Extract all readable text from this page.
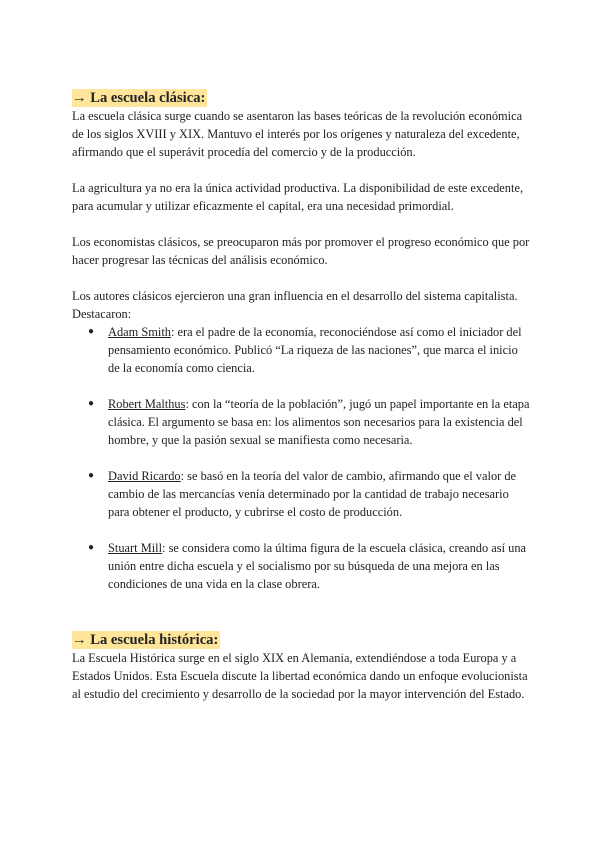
→ La escuela clásica:

La escuela clásica surge cuando se asentaron las bases teóricas de la revolución económica de los siglos XVIII y XIX. Mantuvo el interés por los orígenes y naturaleza del excedente, afirmando que el superávit procedía del comercio y de la producción.

La agricultura ya no era la única actividad productiva. La disponibilidad de este excedente, para acumular y utilizar eficazmente el capital, era una necesidad primordial.

Los economistas clásicos, se preocuparon más por promover el progreso económico que por hacer progresar las técnicas del análisis económico.

Los autores clásicos ejercieron una gran influencia en el desarrollo del sistema capitalista. Destacaron:

● Adam Smith: era el padre de la economía, reconociéndose así como el iniciador del pensamiento económico. Publicó “La riqueza de las naciones”, que marca el inicio de la economía como ciencia.
● Robert Malthus: con la “teoría de la población”, jugó un papel importante en la etapa clásica. El argumento se basa en: los alimentos son necesarios para la existencia del hombre, y que la pasión sexual se manifiesta como necesaria.
● David Ricardo: se basó en la teoría del valor de cambio, afirmando que el valor de cambio de las mercancías venía determinado por la cantidad de trabajo necesario para obtener el producto, y cubrirse el costo de producción.
● Stuart Mill: se considera como la última figura de la escuela clásica, creando así una unión entre dicha escuela y el socialismo por su búsqueda de una mejora en las condiciones de una vida en la clase obrera.
→ La escuela histórica:

La Escuela Histórica surge en el siglo XIX en Alemania, extendiéndose a toda Europa y a Estados Unidos. Esta Escuela discute la libertad económica dando un enfoque evolucionista al estudio del crecimiento y desarrollo de la sociedad por la mayor intervención del Estado.
